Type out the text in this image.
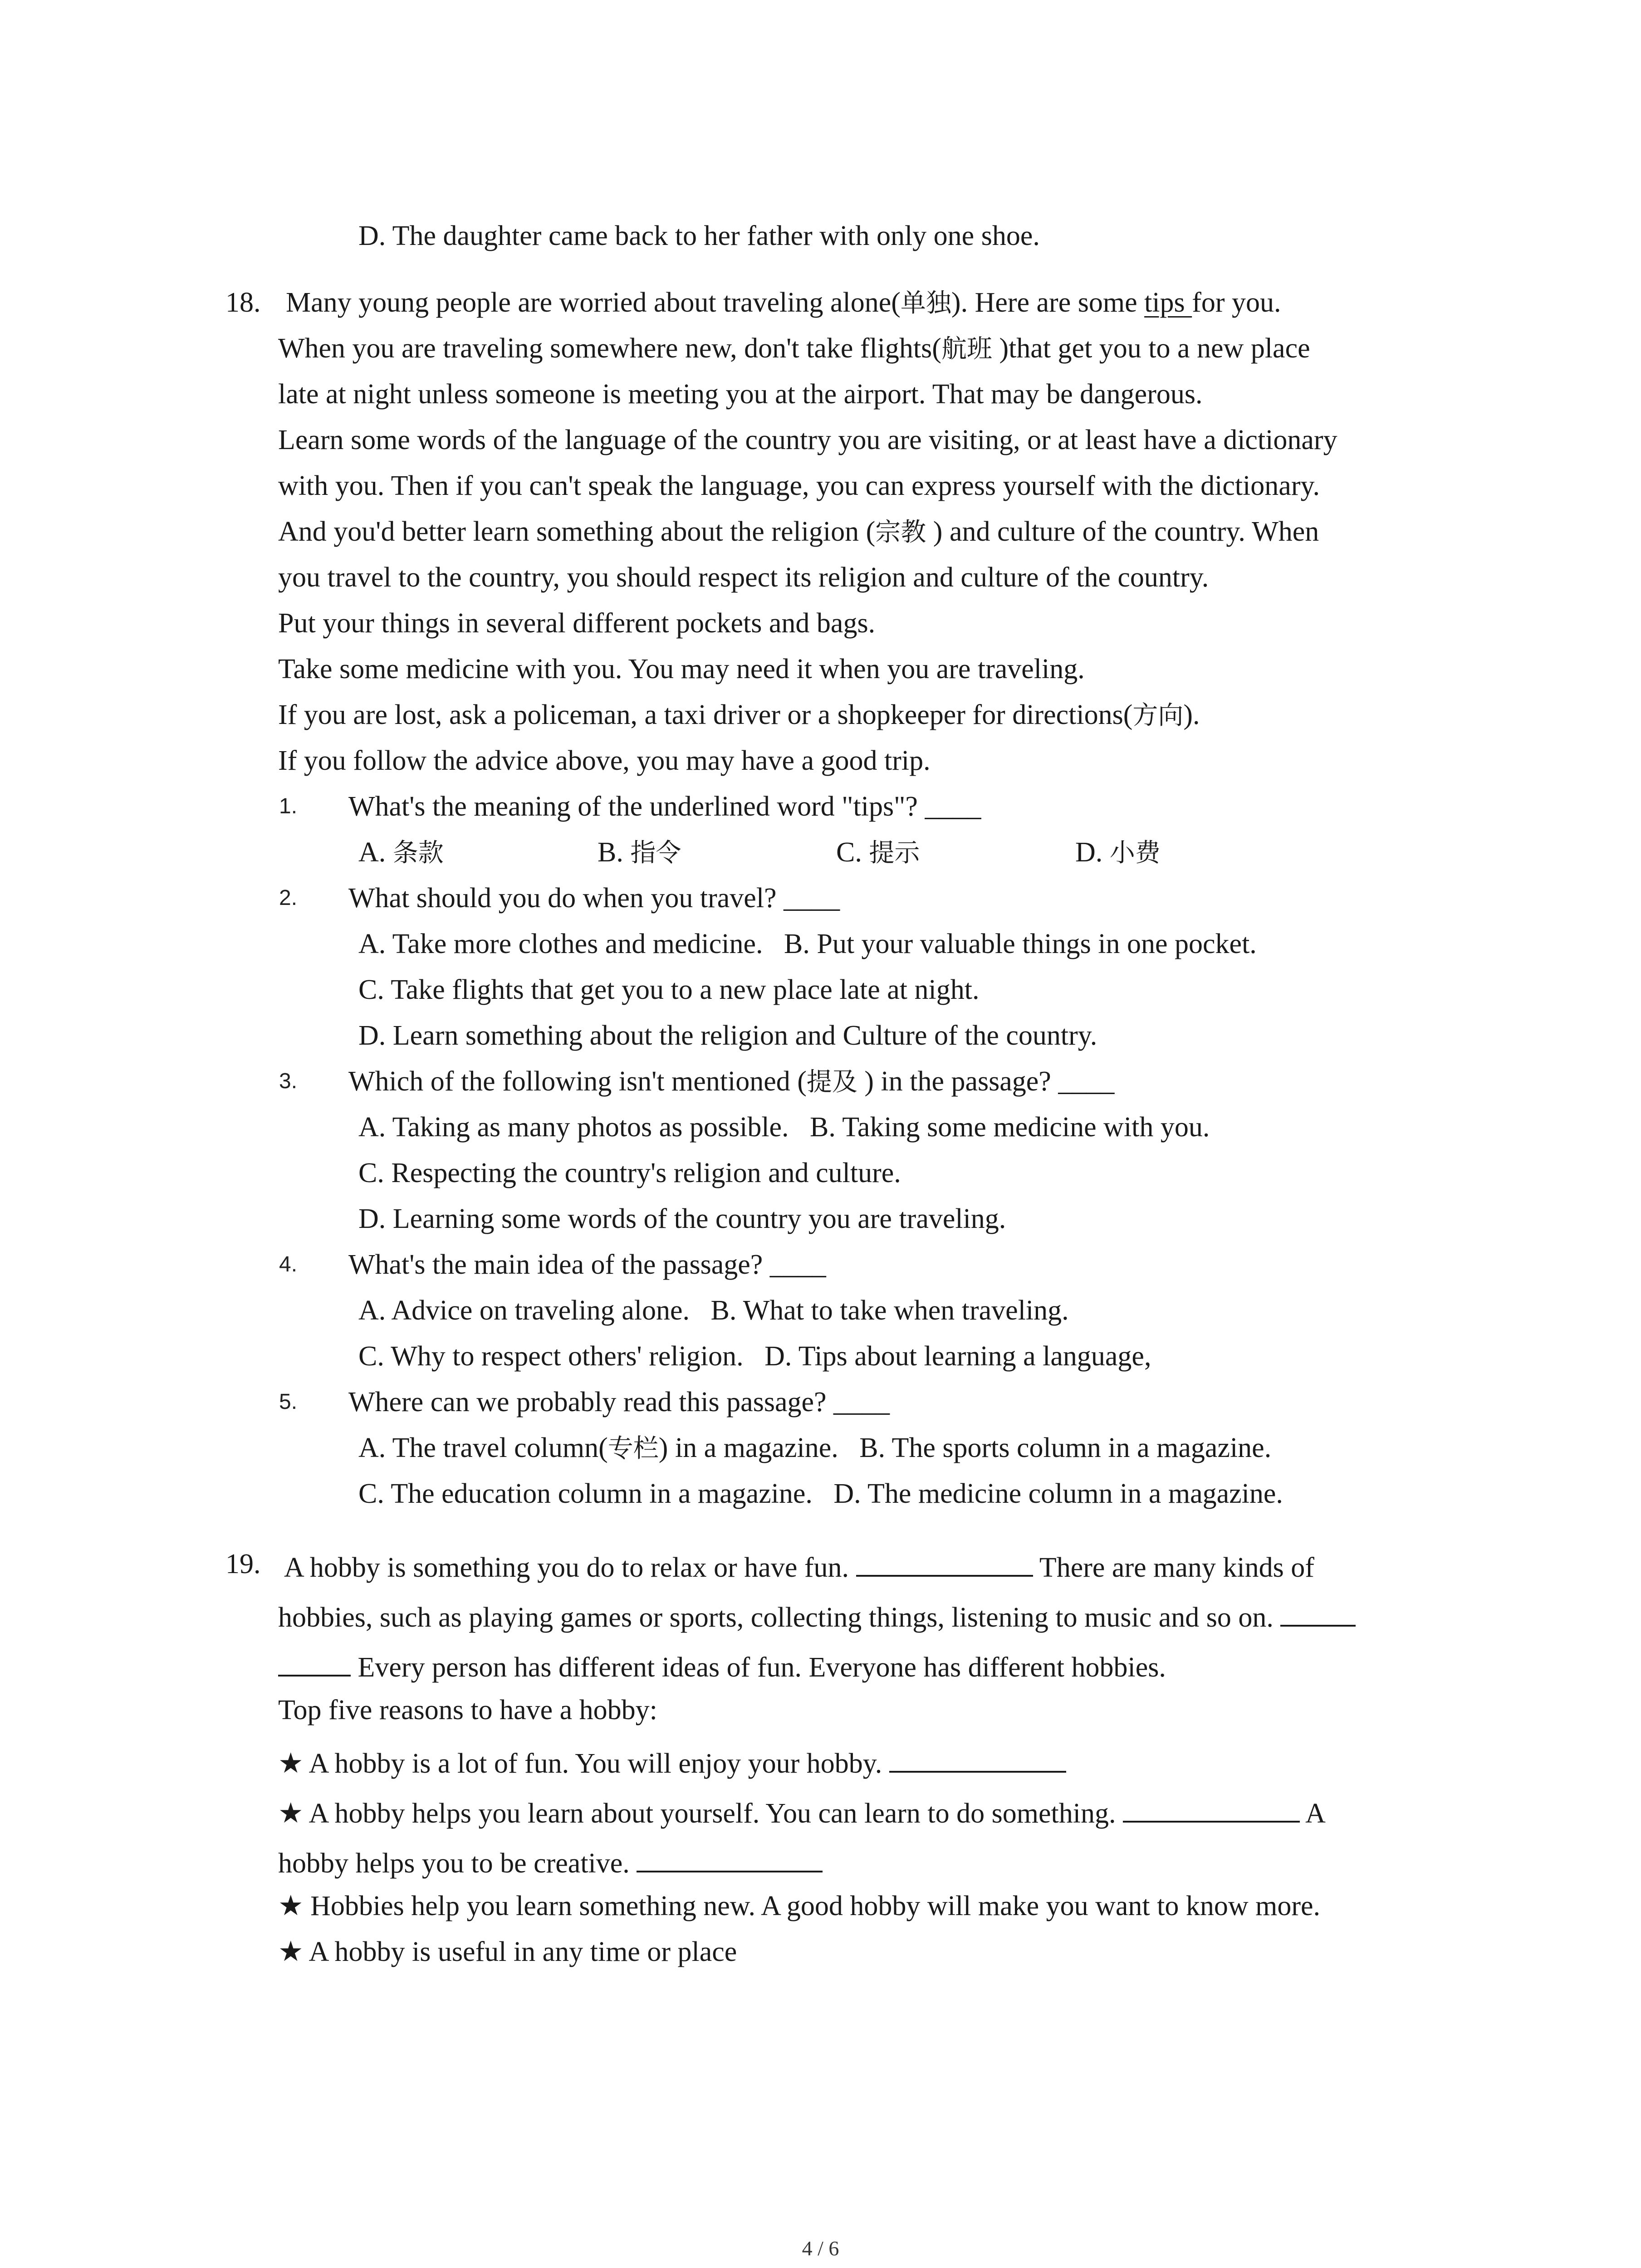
D. The daughter came back to her father with only one shoe.
18. Many young people are worried about traveling alone(单独). Here are some tips for you.
When you are traveling somewhere new, don't take flights(航班 )that get you to a new place
late at night unless someone is meeting you at the airport. That may be dangerous.
Learn some words of the language of the country you are visiting, or at least have a dictionary
with you. Then if you can't speak the language, you can express yourself with the dictionary.
And you'd better learn something about the religion (宗教 ) and culture of the country. When
you travel to the country, you should respect its religion and culture of the country.
Put your things in several different pockets and bags.
Take some medicine with you. You may need it when you are traveling.
If you are lost, ask a policeman, a taxi driver or a shopkeeper for directions(方向).
If you follow the advice above, you may have a good trip.
1. What's the meaning of the underlined word "tips"? ____
A. 条款	B. 指令	C. 提示	D. 小费
2. What should you do when you travel? ____
A. Take more clothes and medicine.   B. Put your valuable things in one pocket.
C. Take flights that get you to a new place late at night.
D. Learn something about the religion and Culture of the country.
3. Which of the following isn't mentioned (提及 ) in the passage? ____
A. Taking as many photos as possible.   B. Taking some medicine with you.
C. Respecting the country's religion and culture.
D. Learning some words of the country you are traveling.
4. What's the main idea of the passage? ____
A. Advice on traveling alone.   B. What to take when traveling.
C. Why to respect others' religion.   D. Tips about learning a language,
5. Where can we probably read this passage? ____
A. The travel column(专栏) in a magazine.   B. The sports column in a magazine.
C. The education column in a magazine.   D. The medicine column in a magazine.
19. A hobby is something you do to relax or have fun.	There are many kinds of
hobbies, such as playing games or sports, collecting things, listening to music and so on.
Every person has different ideas of fun. Everyone has different hobbies.
Top five reasons to have a hobby:
★ A hobby is a lot of fun. You will enjoy your hobby.
★ A hobby helps you learn about yourself. You can learn to do something.	A
hobby helps you to be creative.
★ Hobbies help you learn something new. A good hobby will make you want to know more.
★ A hobby is useful in any time or place
4 / 6
